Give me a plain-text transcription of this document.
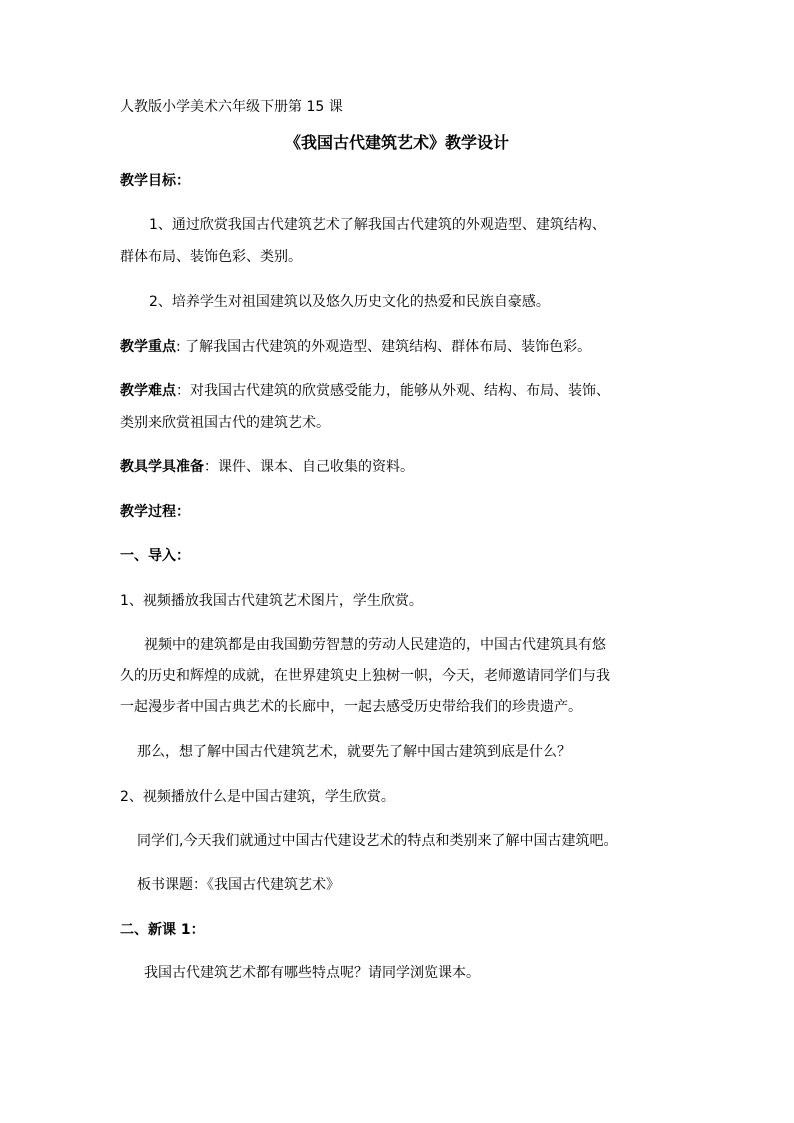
人教版小学美术六年级下册第 15 课
《我国古代建筑艺术》教学设计
教学目标：
1、通过欣赏我国古代建筑艺术了解我国古代建筑的外观造型、建筑结构、
群体布局、装饰色彩、类别。
2、培养学生对祖国建筑以及悠久历史文化的热爱和民族自豪感。
教学重点: 了解我国古代建筑的外观造型、建筑结构、群体布局、装饰色彩。
教学难点：对我国古代建筑的欣赏感受能力，能够从外观、结构、布局、装饰、
类别来欣赏祖国古代的建筑艺术。
教具学具准备：课件、课本、自己收集的资料。
教学过程：
一、导入：
1、视频播放我国古代建筑艺术图片，学生欣赏。
视频中的建筑都是由我国勤劳智慧的劳动人民建造的，中国古代建筑具有悠
久的历史和辉煌的成就，在世界建筑史上独树一帜，今天，老师邀请同学们与我
一起漫步者中国古典艺术的长廊中，一起去感受历史带给我们的珍贵遗产。
那么，想了解中国古代建筑艺术，就要先了解中国古建筑到底是什么？
2、视频播放什么是中国古建筑，学生欣赏。
同学们,今天我们就通过中国古代建设艺术的特点和类别来了解中国古建筑吧。
板书课题：《我国古代建筑艺术》
二、新课 1：
我国古代建筑艺术都有哪些特点呢？请同学浏览课本。
